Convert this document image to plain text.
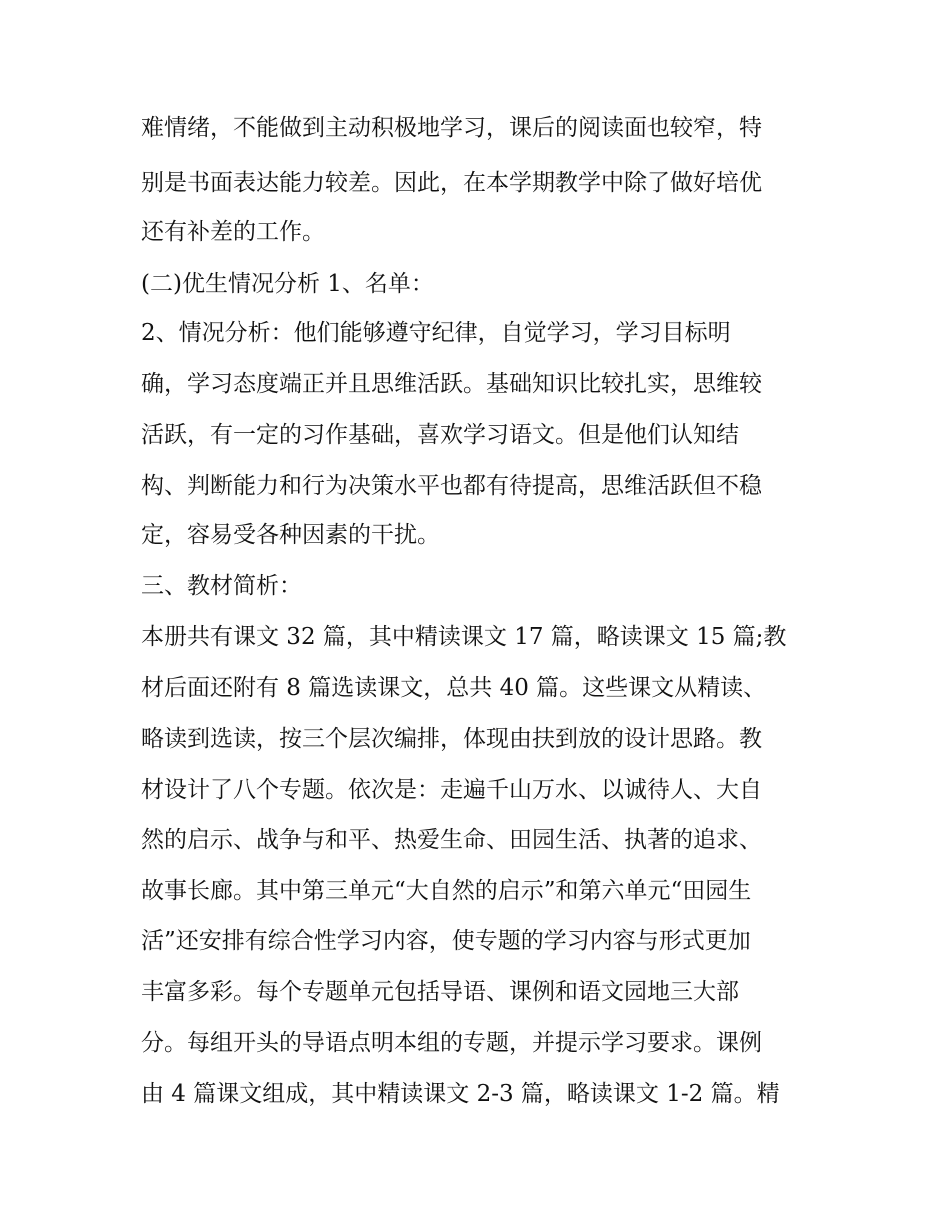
难情绪，不能做到主动积极地学习，课后的阅读面也较窄，特
别是书面表达能力较差。因此，在本学期教学中除了做好培优
还有补差的工作。
(二)优生情况分析 1、名单：
2、情况分析：他们能够遵守纪律，自觉学习，学习目标明
确，学习态度端正并且思维活跃。基础知识比较扎实，思维较
活跃，有一定的习作基础，喜欢学习语文。但是他们认知结
构、判断能力和行为决策水平也都有待提高，思维活跃但不稳
定，容易受各种因素的干扰。
三、教材简析：
本册共有课文 32 篇，其中精读课文 17 篇，略读课文 15 篇;教
材后面还附有 8 篇选读课文，总共 40 篇。这些课文从精读、
略读到选读，按三个层次编排，体现由扶到放的设计思路。教
材设计了八个专题。依次是：走遍千山万水、以诚待人、大自
然的启示、战争与和平、热爱生命、田园生活、执著的追求、
故事长廊。其中第三单元“大自然的启示”和第六单元“田园生
活”还安排有综合性学习内容，使专题的学习内容与形式更加
丰富多彩。每个专题单元包括导语、课例和语文园地三大部
分。每组开头的导语点明本组的专题，并提示学习要求。课例
由 4 篇课文组成，其中精读课文 2-3 篇，略读课文 1-2 篇。精
